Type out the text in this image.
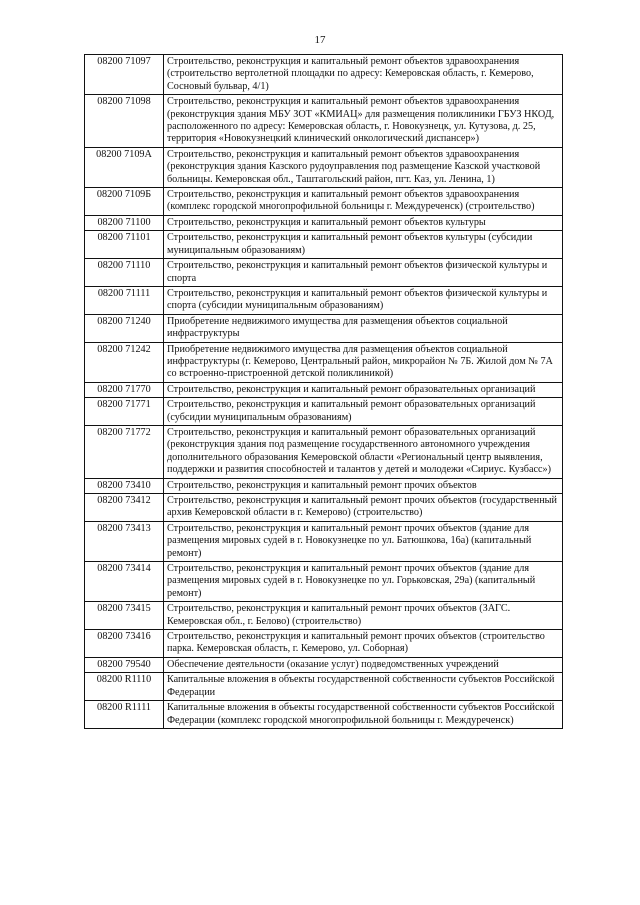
17
08200 71097	Строительство, реконструкция и капитальный ремонт объектов здравоохранения (строительство вертолетной площадки по адресу: Кемеровская область, г. Кемерово, Сосновый бульвар, 4/1)
08200 71098	Строительство, реконструкция и капитальный ремонт объектов здравоохранения (реконструкция здания МБУ ЗОТ «КМИАЦ» для размещения поликлиники ГБУЗ НКОД, расположенного по адресу: Кемеровская область, г. Новокузнецк, ул. Кутузова, д. 25, территория «Новокузнецкий клинический онкологический диспансер»)
08200 7109А	Строительство, реконструкция и капитальный ремонт объектов здравоохранения (реконструкция здания Казского рудоуправления под размещение Казской участковой больницы. Кемеровская обл., Таштагольский район, пгт. Каз, ул. Ленина, 1)
08200 7109Б	Строительство, реконструкция и капитальный ремонт объектов здравоохранения (комплекс городской многопрофильной больницы г. Междуреченск) (строительство)
08200 71100	Строительство, реконструкция и капитальный ремонт объектов культуры
08200 71101	Строительство, реконструкция и капитальный ремонт объектов культуры (субсидии муниципальным образованиям)
08200 71110	Строительство, реконструкция и капитальный ремонт объектов физической культуры и спорта
08200 71111	Строительство, реконструкция и капитальный ремонт объектов физической культуры и спорта (субсидии муниципальным образованиям)
08200 71240	Приобретение недвижимого имущества для размещения объектов социальной инфраструктуры
08200 71242	Приобретение недвижимого имущества для размещения объектов социальной инфраструктуры (г. Кемерово, Центральный район, микрорайон № 7Б. Жилой дом № 7А со встроенно-пристроенной детской поликлиникой)
08200 71770	Строительство, реконструкция и капитальный ремонт образовательных организаций
08200 71771	Строительство, реконструкция и капитальный ремонт образовательных организаций (субсидии муниципальным образованиям)
08200 71772	Строительство, реконструкция и капитальный ремонт образовательных организаций (реконструкция здания под размещение государственного автономного учреждения дополнительного образования Кемеровской области «Региональный центр выявления, поддержки и развития способностей и талантов у детей и молодежи «Сириус. Кузбасс»)
08200 73410	Строительство, реконструкция и капитальный ремонт прочих объектов
08200 73412	Строительство, реконструкция и капитальный ремонт прочих объектов (государственный архив Кемеровской области в г. Кемерово) (строительство)
08200 73413	Строительство, реконструкция и капитальный ремонт прочих объектов (здание для размещения мировых судей в г. Новокузнецке по ул. Батюшкова, 16а) (капитальный ремонт)
08200 73414	Строительство, реконструкция и капитальный ремонт прочих объектов (здание для размещения мировых судей в г. Новокузнецке по ул. Горьковская, 29а) (капитальный ремонт)
08200 73415	Строительство, реконструкция и капитальный ремонт прочих объектов (ЗАГС. Кемеровская обл., г. Белово) (строительство)
08200 73416	Строительство, реконструкция и капитальный ремонт прочих объектов (строительство парка. Кемеровская область, г. Кемерово, ул. Соборная)
08200 79540	Обеспечение деятельности (оказание услуг) подведомственных учреждений
08200 R1110	Капитальные вложения в объекты государственной собственности субъектов Российской Федерации
08200 R1111	Капитальные вложения в объекты государственной собственности субъектов Российской Федерации (комплекс городской многопрофильной больницы г. Междуреченск)
